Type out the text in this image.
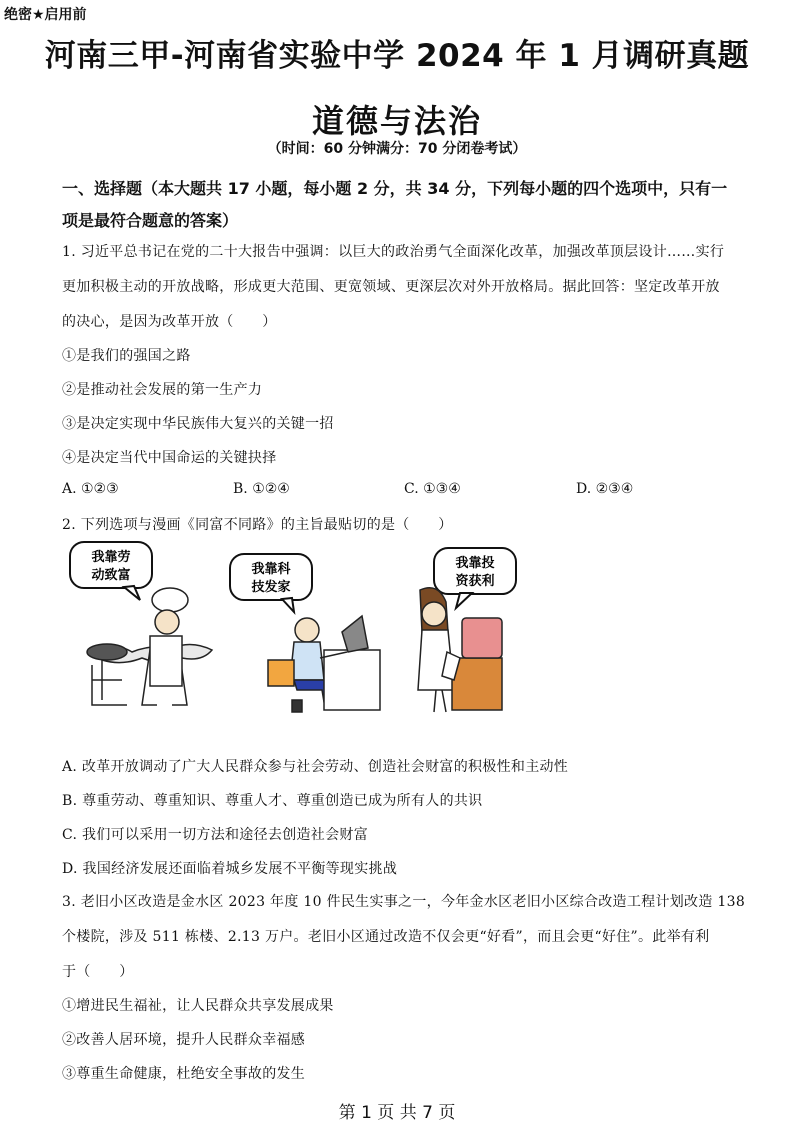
绝密★启用前
河南三甲-河南省实验中学 2024 年 1 月调研真题
道德与法治
（时间：60 分钟满分：70 分闭卷考试）
一、选择题（本大题共 17 小题，每小题 2 分，共 34 分，下列每小题的四个选项中，只有一
项是最符合题意的答案）
1. 习近平总书记在党的二十大报告中强调：以巨大的政治勇气全面深化改革，加强改革顶层设计……实行
更加积极主动的开放战略，形成更大范围、更宽领域、更深层次对外开放格局。据此回答：坚定改革开放
的决心，是因为改革开放（　　）
①是我们的强国之路
②是推动社会发展的第一生产力
③是决定实现中华民族伟大复兴的关键一招
④是决定当代中国命运的关键抉择
A. ①②③	B. ①②④	C. ①③④	D. ②③④
2. 下列选项与漫画《同富不同路》的主旨最贴切的是（　　）
我靠劳
动致富	我靠科
技发家
我靠投
资获利
A. 改革开放调动了广大人民群众参与社会劳动、创造社会财富的积极性和主动性
B. 尊重劳动、尊重知识、尊重人才、尊重创造已成为所有人的共识
C. 我们可以采用一切方法和途径去创造社会财富
D. 我国经济发展还面临着城乡发展不平衡等现实挑战
3. 老旧小区改造是金水区 2023 年度 10 件民生实事之一，今年金水区老旧小区综合改造工程计划改造 138
个楼院，涉及 511 栋楼、2.13 万户。老旧小区通过改造不仅会更“好看”，而且会更“好住”。此举有利
于（　　）
①增进民生福祉，让人民群众共享发展成果
②改善人居环境，提升人民群众幸福感
③尊重生命健康，杜绝安全事故的发生
第 1 页 共 7 页
